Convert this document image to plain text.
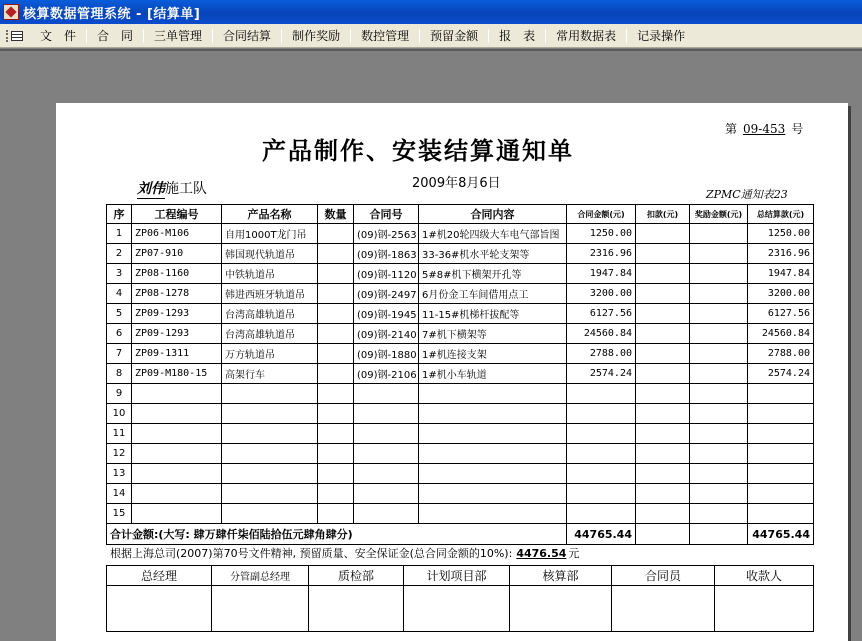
核算数据管理系统 - [结算单]
文　件	合　同	三单管理	合同结算	制作奖励	数控管理	预留金额	报　表	常用数据表	记录操作
第 09-453 号
产品制作、安装结算通知单
刘伟施工队	2009年8月6日
ZPMC通知表23
序	工程编号	产品名称	数量	合同号	合同内容	合同金额(元)	扣款(元)	奖励金额(元)	总结算款(元)
1	ZP06-M106	自用1000T龙门吊		(09)钢-2563	1#机20轮四级大车电气部旨图	1250.00			1250.00
2	ZP07-910	韩国现代轨道吊		(09)钢-1863	33-36#机水平轮支架等	2316.96			2316.96
3	ZP08-1160	中铁轨道吊		(09)钢-1120	5#8#机下横架开孔等	1947.84			1947.84
4	ZP08-1278	韩进西班牙轨道吊		(09)钢-2497	6月份金工车间借用点工	3200.00			3200.00
5	ZP09-1293	台湾高雄轨道吊		(09)钢-1945	11-15#机梯杆拔配等	6127.56			6127.56
6	ZP09-1293	台湾高雄轨道吊		(09)钢-2140	7#机下横架等	24560.84			24560.84
7	ZP09-1311	万方轨道吊		(09)钢-1880	1#机连接支架	2788.00			2788.00
8	ZP09-M180-15	高架行车		(09)钢-2106	1#机小车轨道	2574.24			2574.24
9									
10									
11									
12									
13									
14									
15									
合计金额:(大写: 肆万肆仟柒佰陆拾伍元肆角肆分)						44765.44			44765.44
根据上海总司(2007)第70号文件精神, 预留质量、安全保证金(总合同金额的10%): 4476.54 元
总经理	分管副总经理	质检部	计划项目部	核算部	合同员	收款人
